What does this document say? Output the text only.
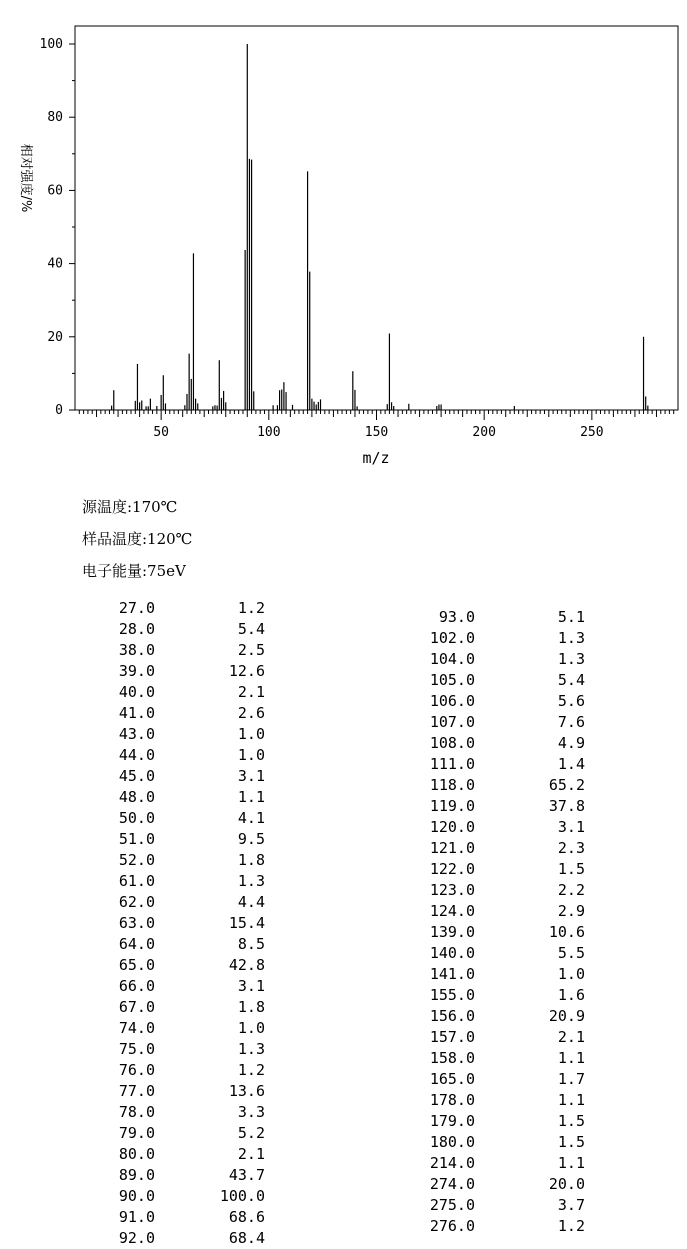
0
20
40
60
80
100
50	100	150	200	250
m/z
相对强度/%
源温度:170℃
样品温度:120℃
电子能量:75eV
27.0	1.2
28.0	5.4
38.0	2.5
39.0	12.6
40.0	2.1
41.0	2.6
43.0	1.0
44.0	1.0
45.0	3.1
48.0	1.1
50.0	4.1
51.0	9.5
52.0	1.8
61.0	1.3
62.0	4.4
63.0	15.4
64.0	8.5
65.0	42.8
66.0	3.1
67.0	1.8
74.0	1.0
75.0	1.3
76.0	1.2
77.0	13.6
78.0	3.3
79.0	5.2
80.0	2.1
89.0	43.7
90.0	100.0
91.0	68.6
92.0	68.4
93.0	5.1
102.0	1.3
104.0	1.3
105.0	5.4
106.0	5.6
107.0	7.6
108.0	4.9
111.0	1.4
118.0	65.2
119.0	37.8
120.0	3.1
121.0	2.3
122.0	1.5
123.0	2.2
124.0	2.9
139.0	10.6
140.0	5.5
141.0	1.0
155.0	1.6
156.0	20.9
157.0	2.1
158.0	1.1
165.0	1.7
178.0	1.1
179.0	1.5
180.0	1.5
214.0	1.1
274.0	20.0
275.0	3.7
276.0	1.2
